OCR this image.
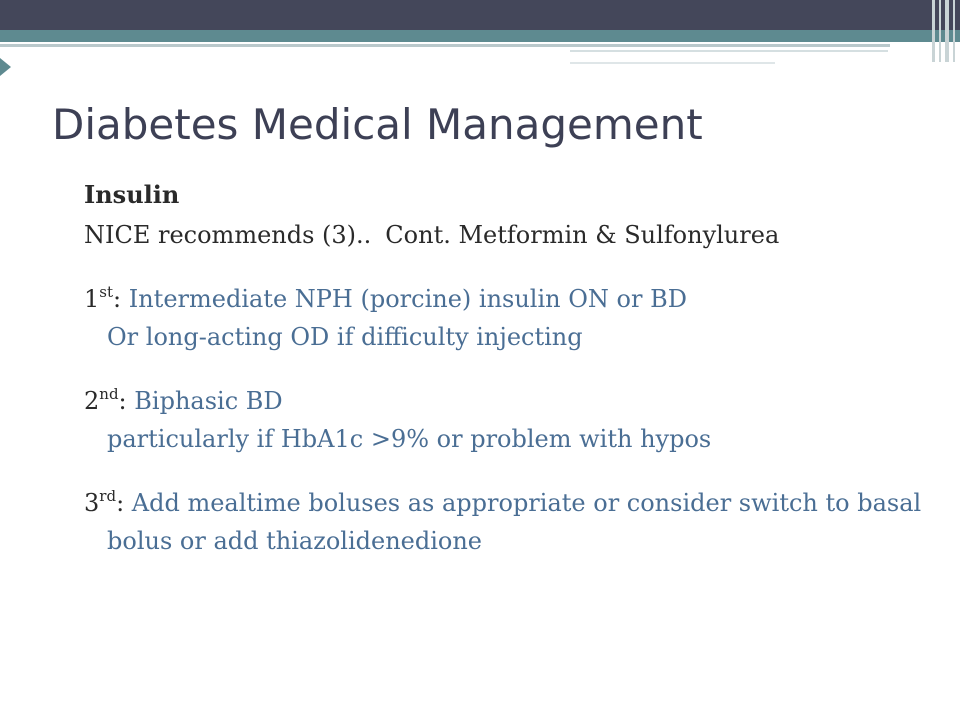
Diabetes Medical Management
Insulin
NICE recommends (3).. Cont. Metformin & Sulfonylurea
1st: Intermediate NPH (porcine) insulin ON or BD
Or long-acting OD if difficulty injecting
2nd: Biphasic BD
particularly if HbA1c >9% or problem with hypos
3rd: Add mealtime boluses as appropriate or consider switch to basal bolus or add thiazolidenedione
